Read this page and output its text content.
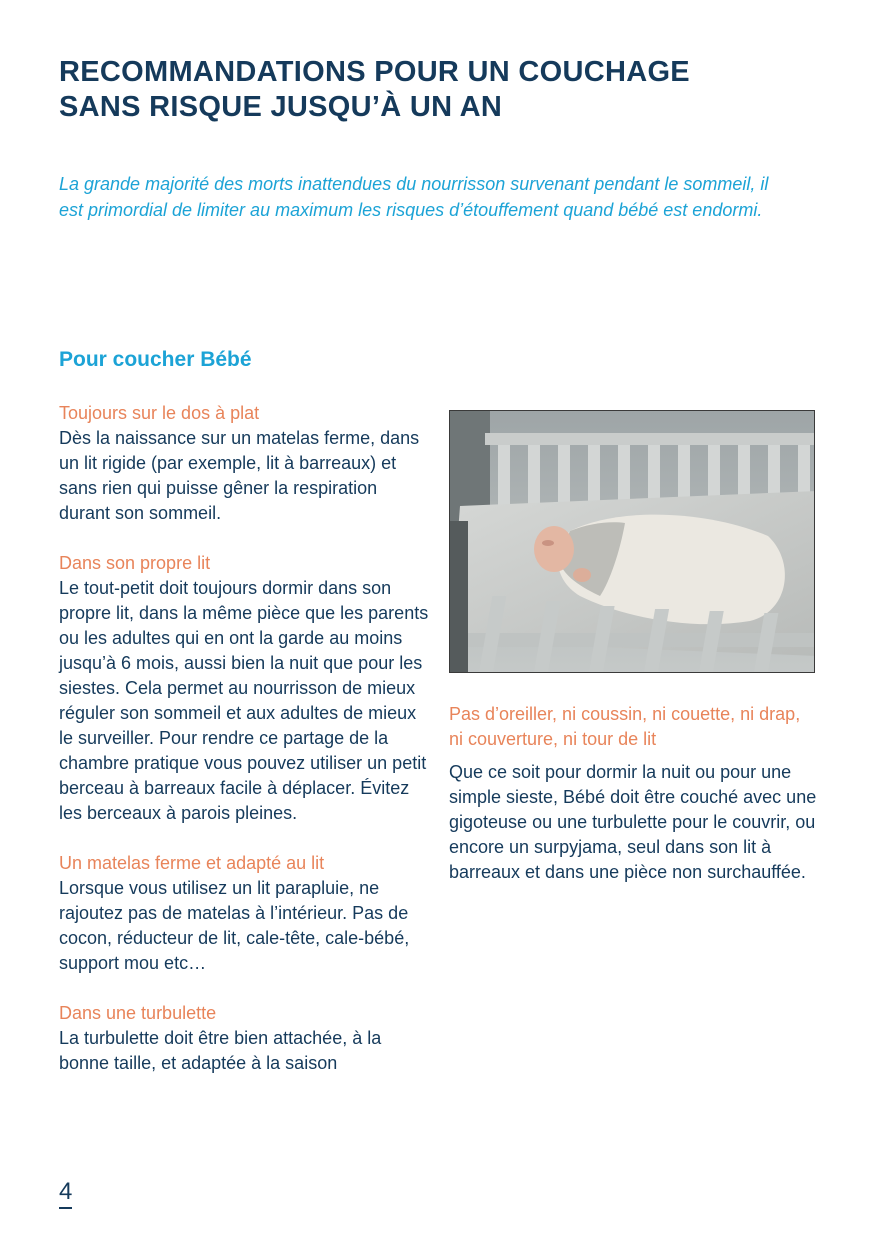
RECOMMANDATIONS POUR UN COUCHAGE
SANS RISQUE JUSQU’À UN AN

La grande majorité des morts inattendues du nourrisson survenant pendant le sommeil, il est primordial de limiter au maximum les risques d’étouffement quand bébé est endormi.

Pour coucher Bébé
Toujours sur le dos à plat
Dès la naissance sur un matelas ferme, dans un lit rigide (par exemple, lit à barreaux) et sans rien qui puisse gêner la respiration durant son sommeil.
Dans son propre lit
Le tout-petit doit toujours dormir dans son propre lit, dans la même pièce que les parents ou les adultes qui en ont la garde au moins jusqu’à 6 mois, aussi bien la nuit que pour les siestes. Cela permet au nourrisson de mieux réguler son sommeil et aux adultes de mieux le surveiller. Pour rendre ce partage de la chambre pratique vous pouvez utiliser un petit berceau à barreaux facile à déplacer. Évitez les berceaux à parois pleines.
Un matelas ferme et adapté au lit
Lorsque vous utilisez un lit parapluie, ne rajoutez pas de matelas à l’intérieur. Pas de cocon, réducteur de lit, cale-tête, cale-bébé, support mou etc…
Dans une turbulette
La turbulette doit être bien attachée, à la bonne taille, et adaptée à la saison
Pas d’oreiller, ni coussin, ni couette, ni drap, ni couverture, ni tour de lit
Que ce soit pour dormir la nuit ou pour une simple sieste, Bébé doit être couché avec une gigoteuse ou une turbulette pour le couvrir, ou encore un surpyjama, seul dans son lit à barreaux et dans une pièce non surchauffée.
4
